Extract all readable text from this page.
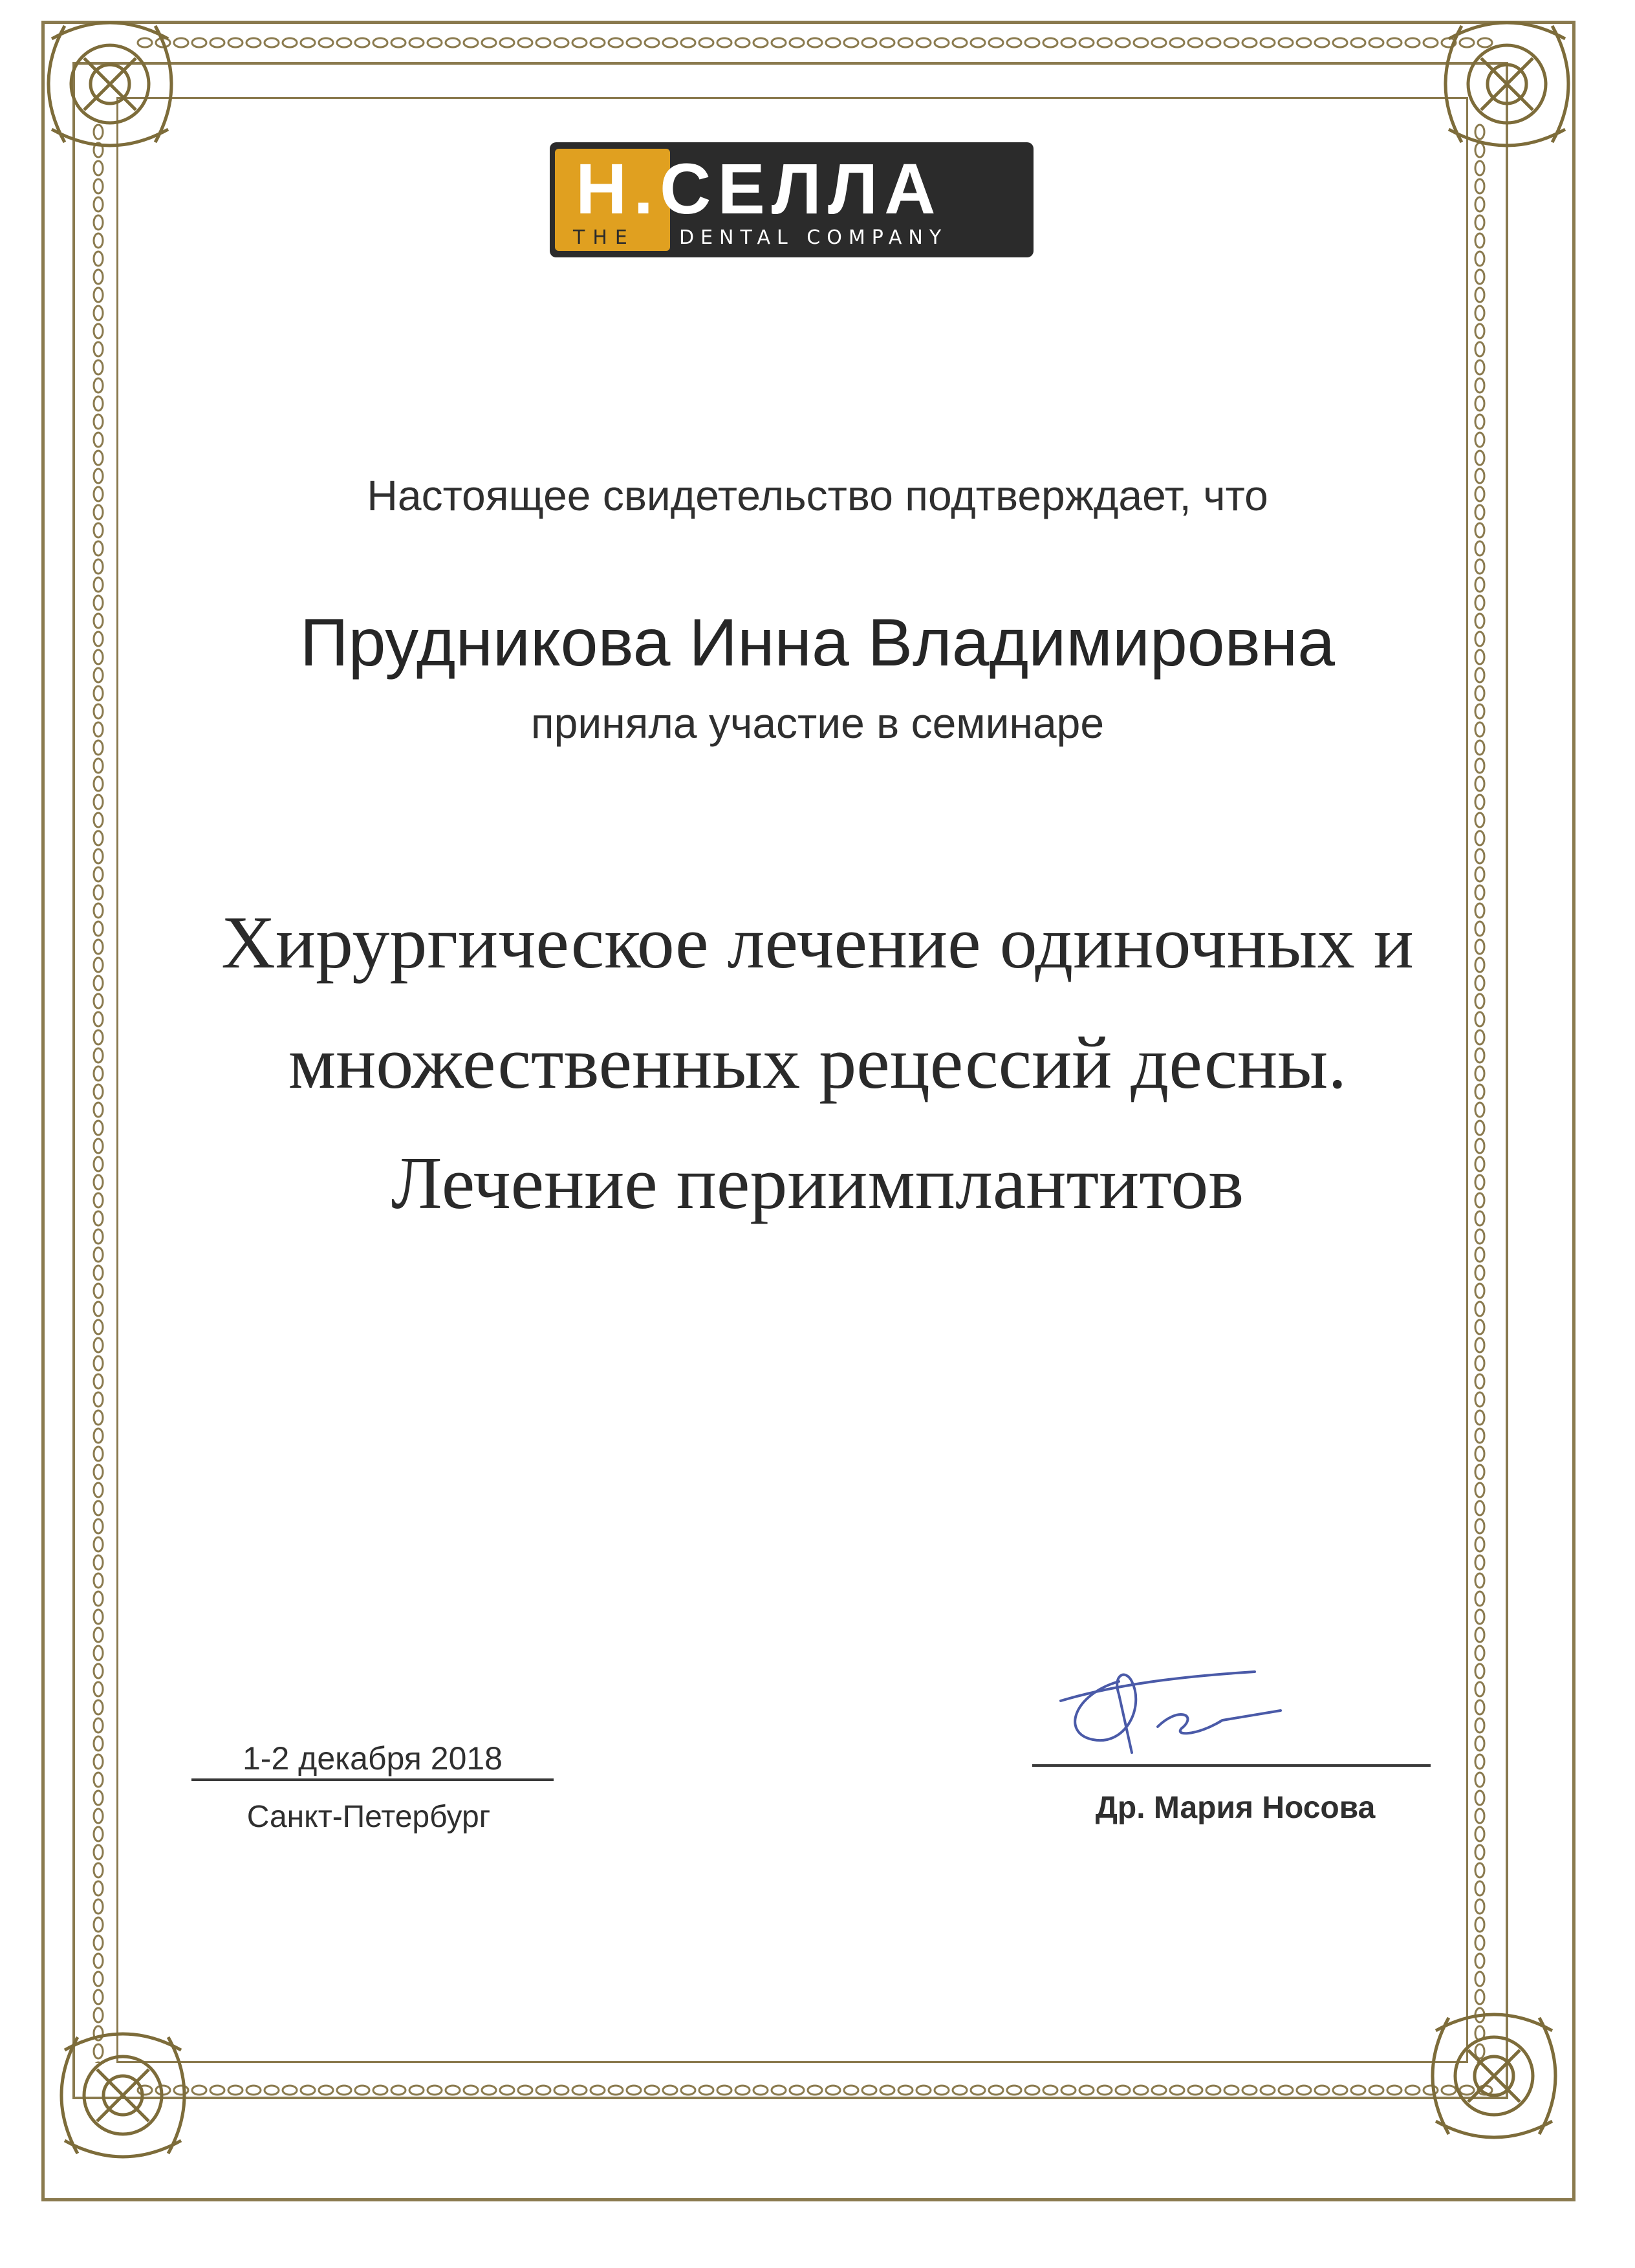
H.СЕЛЛА
THE DENTAL COMPANY
Настоящее свидетельство подтверждает, что
Прудникова Инна Владимировна
приняла участие в семинаре
Хирургическое лечение одиночных и
множественных рецессий десны.
Лечение периимплантитов
1-2 декабря 2018
Санкт-Петербург	Др. Мария Носова
